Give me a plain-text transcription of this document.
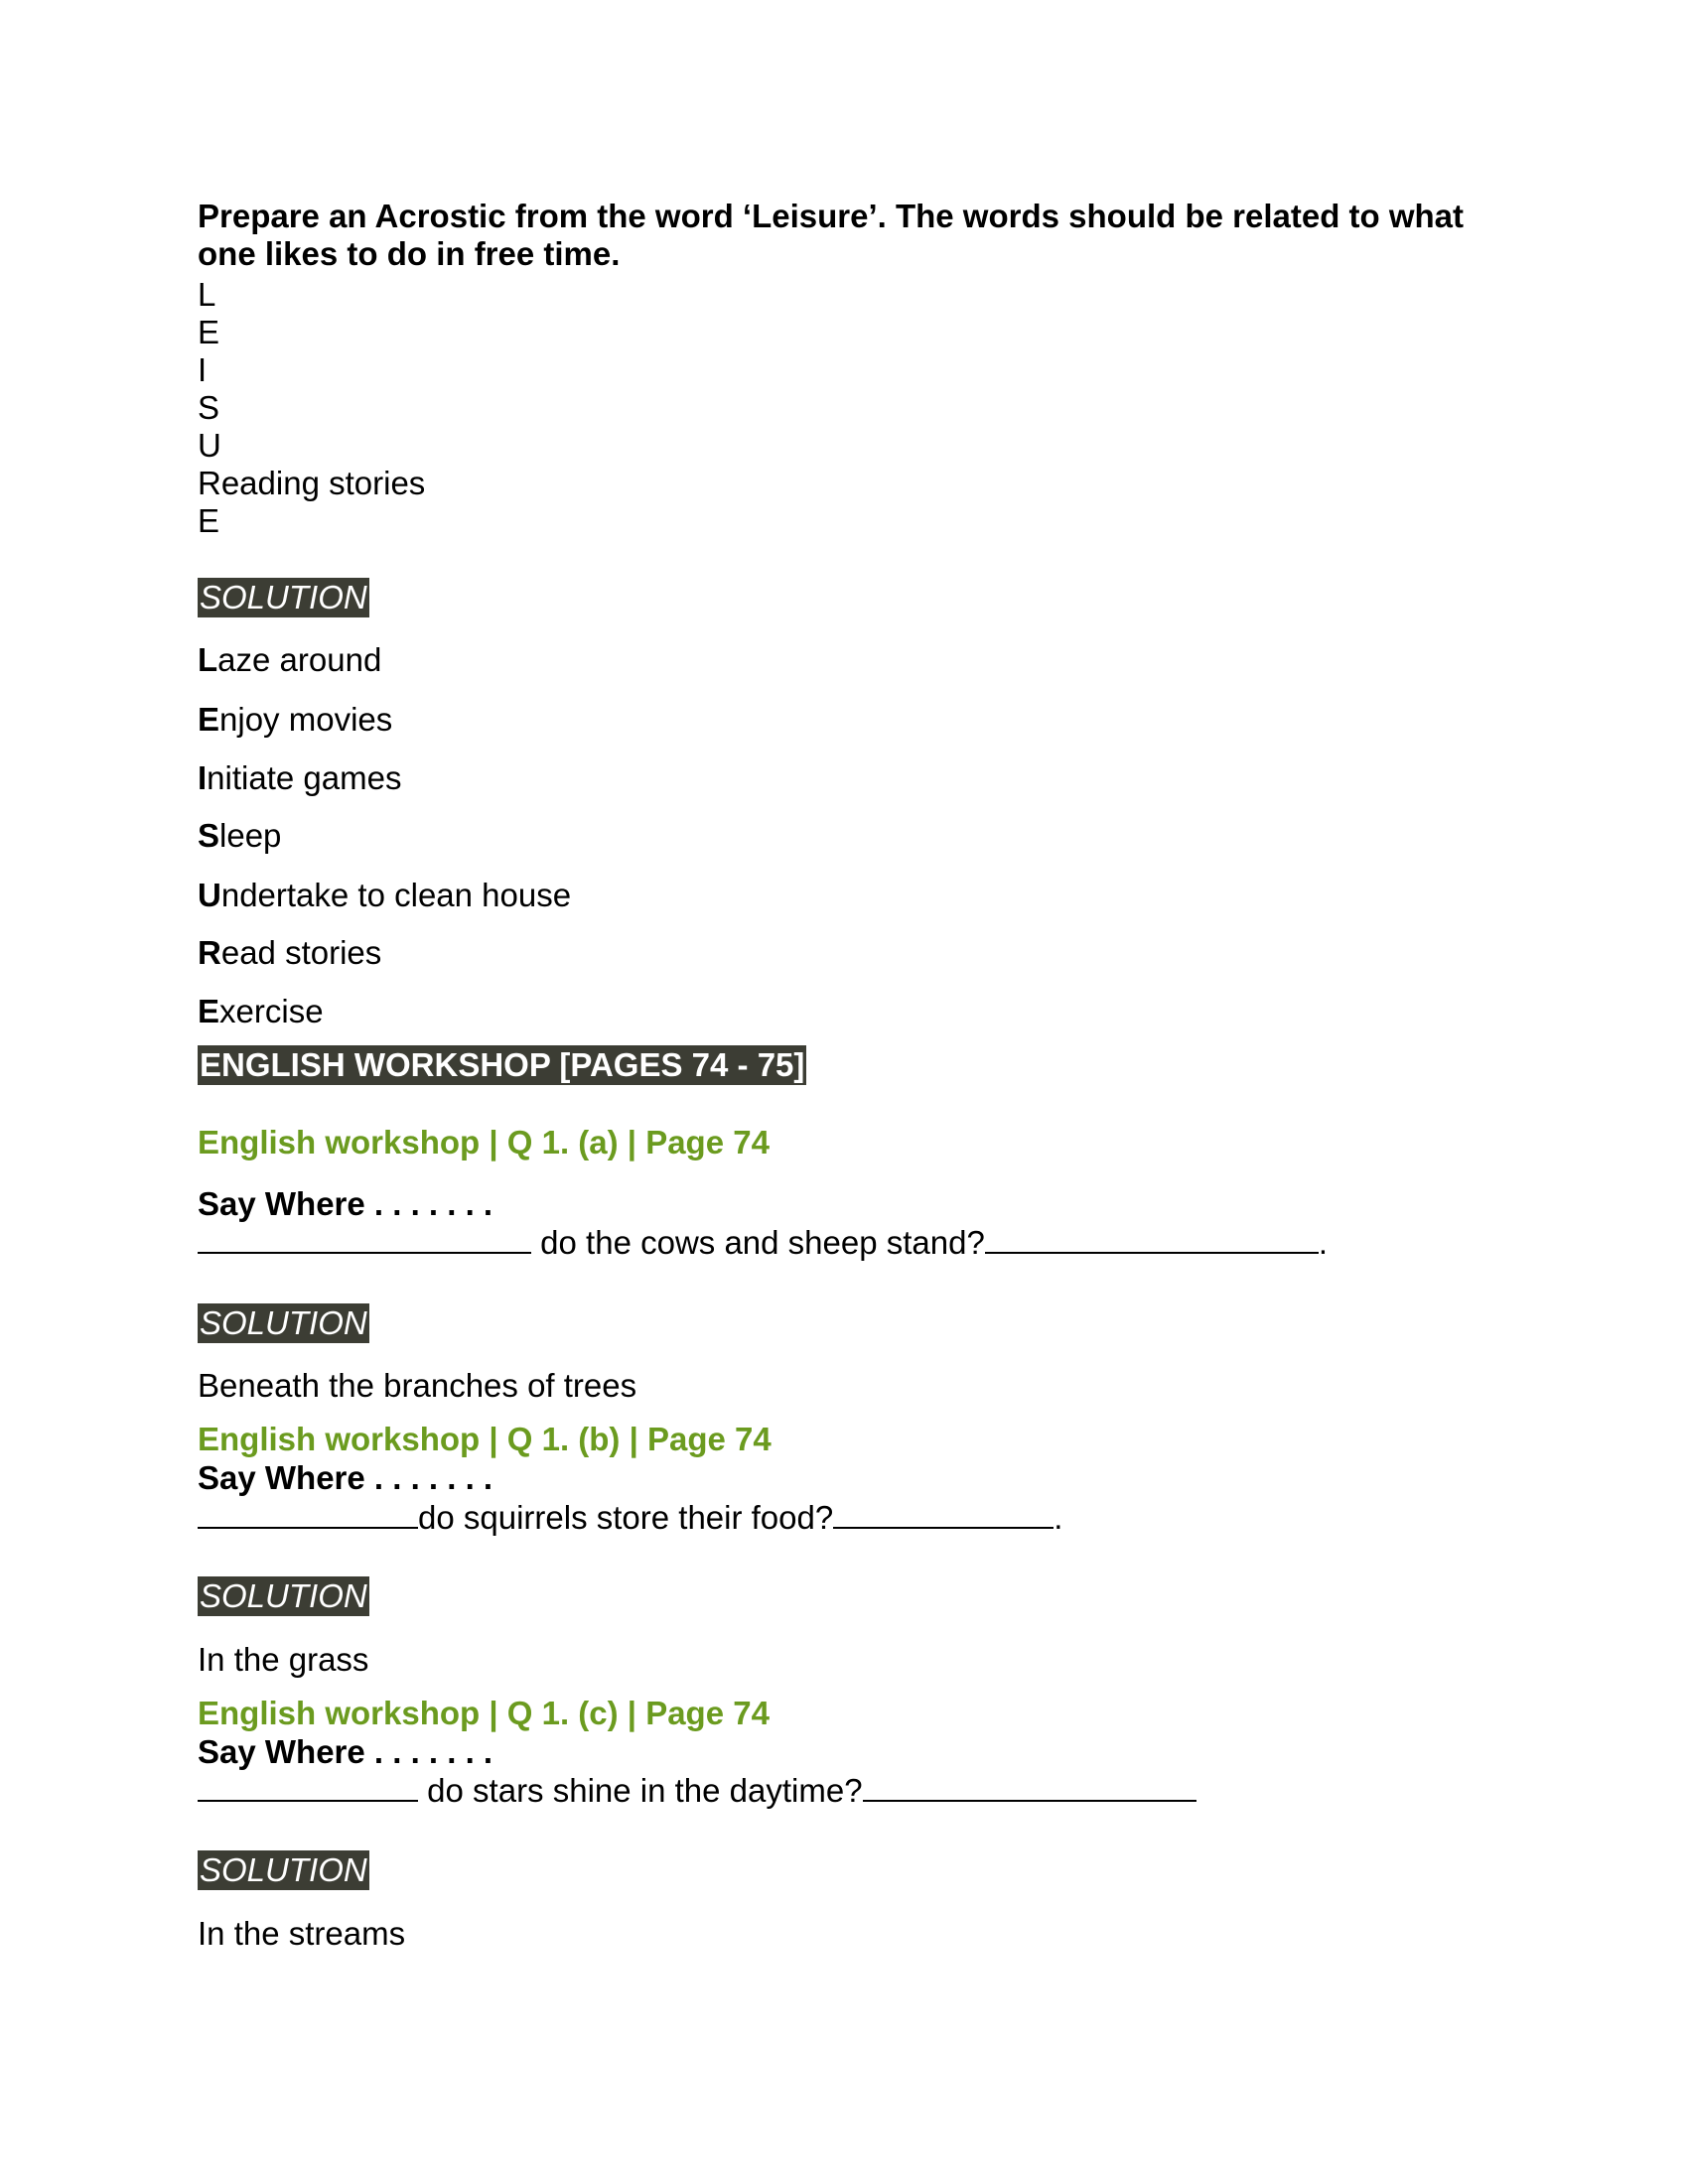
Prepare an Acrostic from the word ‘Leisure’. The words should be related to what one likes to do in free time.
L
E
I
S
U
Reading stories
E
SOLUTION
Laze around
Enjoy movies
Initiate games
Sleep
Undertake to clean house
Read stories
Exercise
ENGLISH WORKSHOP [PAGES 74 - 75]
English workshop | Q 1. (a) | Page 74
Say Where . . . . . . .
do the cows and sheep stand?	.
SOLUTION
Beneath the branches of trees
English workshop | Q 1. (b) | Page 74
Say Where . . . . . . .
do squirrels store their food?	.
SOLUTION
In the grass
English workshop | Q 1. (c) | Page 74
Say Where . . . . . . .
do stars shine in the daytime?
SOLUTION
In the streams
